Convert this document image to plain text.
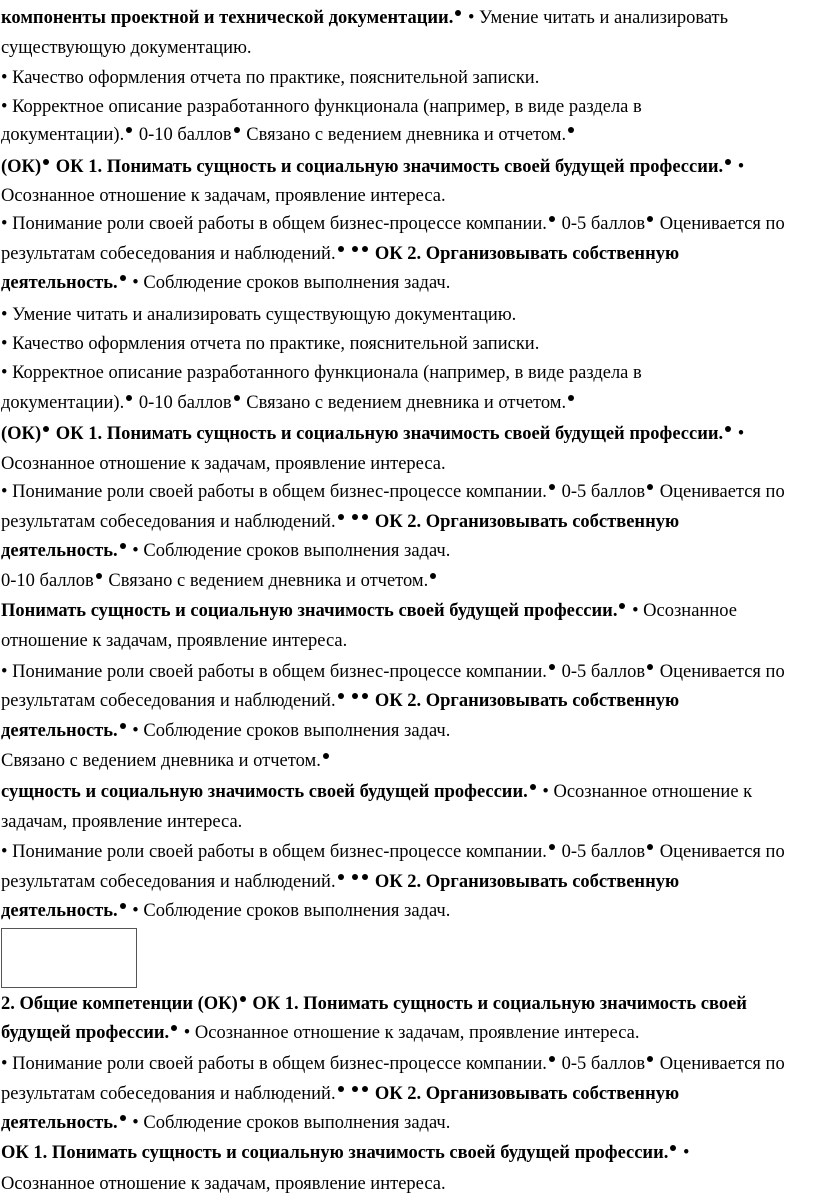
компоненты проектной и технической документации. • Умение читать и анализировать
существующую документацию.
• Качество оформления отчета по практике, пояснительной записки.
• Корректное описание разработанного функционала (например, в виде раздела в
документации). 0-10 баллов Связано с ведением дневника и отчетом.
(ОК) ОК 1. Понимать сущность и социальную значимость своей будущей профессии. •
Осознанное отношение к задачам, проявление интереса.
• Понимание роли своей работы в общем бизнес-процессе компании. 0-5 баллов Оценивается по
результатам собеседования и наблюдений.  ОК 2. Организовывать собственную
деятельность. • Соблюдение сроков выполнения задач.
• Умение читать и анализировать существующую документацию.
• Качество оформления отчета по практике, пояснительной записки.
• Корректное описание разработанного функционала (например, в виде раздела в
документации). 0-10 баллов Связано с ведением дневника и отчетом.
(ОК) ОК 1. Понимать сущность и социальную значимость своей будущей профессии. •
Осознанное отношение к задачам, проявление интереса.
• Понимание роли своей работы в общем бизнес-процессе компании. 0-5 баллов Оценивается по
результатам собеседования и наблюдений.  ОК 2. Организовывать собственную
деятельность. • Соблюдение сроков выполнения задач.
0-10 баллов Связано с ведением дневника и отчетом.
Понимать сущность и социальную значимость своей будущей профессии. • Осознанное
отношение к задачам, проявление интереса.
• Понимание роли своей работы в общем бизнес-процессе компании. 0-5 баллов Оценивается по
результатам собеседования и наблюдений.  ОК 2. Организовывать собственную
деятельность. • Соблюдение сроков выполнения задач.
Связано с ведением дневника и отчетом.
сущность и социальную значимость своей будущей профессии. • Осознанное отношение к
задачам, проявление интереса.
• Понимание роли своей работы в общем бизнес-процессе компании. 0-5 баллов Оценивается по
результатам собеседования и наблюдений.  ОК 2. Организовывать собственную
деятельность. • Соблюдение сроков выполнения задач.
2. Общие компетенции (ОК) ОК 1. Понимать сущность и социальную значимость своей
будущей профессии. • Осознанное отношение к задачам, проявление интереса.
• Понимание роли своей работы в общем бизнес-процессе компании. 0-5 баллов Оценивается по
результатам собеседования и наблюдений.  ОК 2. Организовывать собственную
деятельность. • Соблюдение сроков выполнения задач.
ОК 1. Понимать сущность и социальную значимость своей будущей профессии. •
Осознанное отношение к задачам, проявление интереса.
